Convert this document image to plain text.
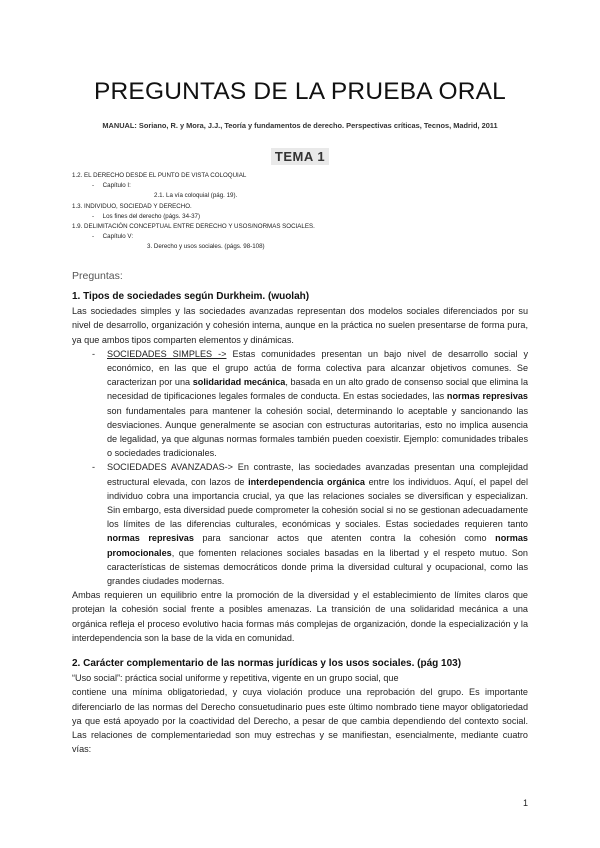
PREGUNTAS DE LA PRUEBA ORAL
MANUAL: Soriano, R. y Mora, J.J., Teoría y fundamentos de derecho. Perspectivas críticas, Tecnos, Madrid, 2011
TEMA 1
1.2. EL DERECHO DESDE EL PUNTO DE VISTA COLOQUIAL
- Capítulo I:
2.1. La vía coloquial (pág. 19).
1.3. INDIVIDUO, SOCIEDAD Y DERECHO.
- Los fines del derecho (págs. 34-37)
1.9. DELIMITACIÓN CONCEPTUAL ENTRE DERECHO Y USOS/NORMAS SOCIALES.
- Capítulo V:
3. Derecho y usos sociales. (págs. 98-108)
Preguntas:

1. Tipos de sociedades según Durkheim. (wuolah)

Las sociedades simples y las sociedades avanzadas representan dos modelos sociales diferenciados por su nivel de desarrollo, organización y cohesión interna, aunque en la práctica no suelen presentarse de forma pura, ya que ambos tipos comparten elementos y dinámicas.

- SOCIEDADES SIMPLES -> Estas comunidades presentan un bajo nivel de desarrollo social y económico, en las que el grupo actúa de forma colectiva para alcanzar objetivos comunes. Se caracterizan por una solidaridad mecánica, basada en un alto grado de consenso social que elimina la necesidad de tipificaciones legales formales de conducta. En estas sociedades, las normas represivas son fundamentales para mantener la cohesión social, determinando lo aceptable y sancionando las desviaciones. Aunque generalmente se asocian con estructuras autoritarias, esto no implica ausencia de legalidad, ya que algunas normas formales también pueden coexistir. Ejemplo: comunidades tribales o sociedades tradicionales.
- SOCIEDADES AVANZADAS-> En contraste, las sociedades avanzadas presentan una complejidad estructural elevada, con lazos de interdependencia orgánica entre los individuos. Aquí, el papel del individuo cobra una importancia crucial, ya que las relaciones sociales se diversifican y especializan. Sin embargo, esta diversidad puede comprometer la cohesión social si no se gestionan adecuadamente los límites de las diferencias culturales, económicas y sociales. Estas sociedades requieren tanto normas represivas para sancionar actos que atenten contra la cohesión como normas promocionales, que fomenten relaciones sociales basadas en la libertad y el respeto mutuo. Son características de sistemas democráticos donde prima la diversidad cultural y ocupacional, como las grandes ciudades modernas.

Ambas requieren un equilibrio entre la promoción de la diversidad y el establecimiento de límites claros que protejan la cohesión social frente a posibles amenazas. La transición de una solidaridad mecánica a una orgánica refleja el proceso evolutivo hacia formas más complejas de organización, donde la especialización y la interdependencia son la base de la vida en comunidad.

2. Carácter complementario de las normas jurídicas y los usos sociales. (pág 103)

“Uso social”: práctica social uniforme y repetitiva, vigente en un grupo social, que

contiene una mínima obligatoriedad, y cuya violación produce una reprobación del grupo. Es importante diferenciarlo de las normas del Derecho consuetudinario pues este último nombrado tiene mayor obligatoriedad ya que está apoyado por la coactividad del Derecho, a pesar de que cambia dependiendo del contexto social. Las relaciones de complementariedad son muy estrechas y se manifiestan, esencialmente, mediante cuatro vías:

1
